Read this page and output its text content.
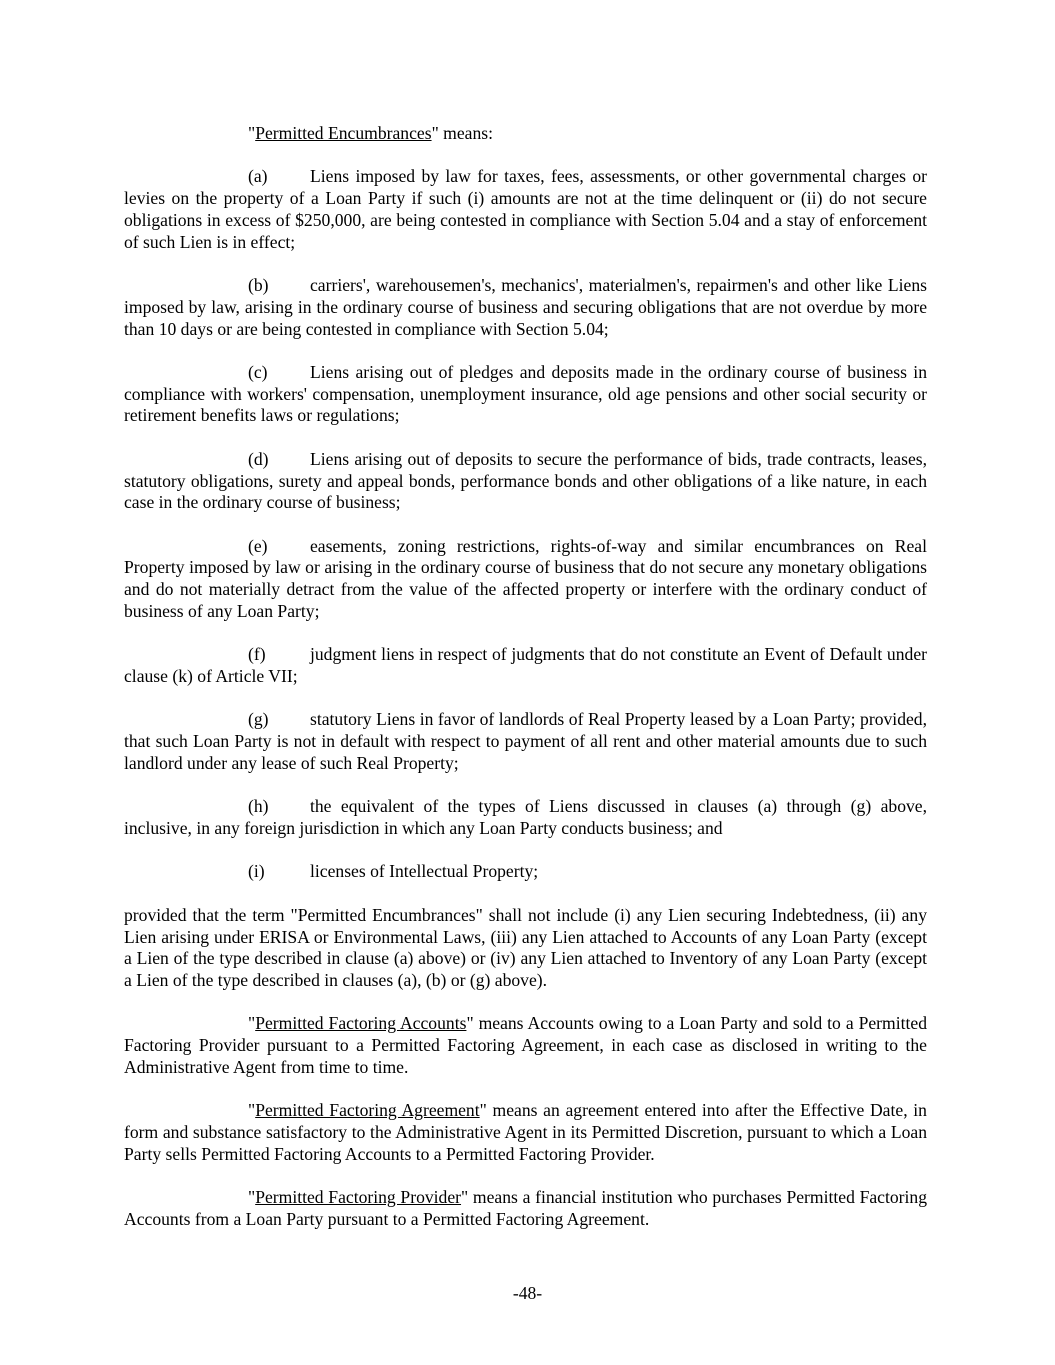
"Permitted Encumbrances" means:

(a) Liens imposed by law for taxes, fees, assessments, or other governmental charges or levies on the property of a Loan Party if such (i) amounts are not at the time delinquent or (ii) do not secure obligations in excess of $250,000, are being contested in compliance with Section 5.04 and a stay of enforcement of such Lien is in effect;

(b) carriers', warehousemen's, mechanics', materialmen's, repairmen's and other like Liens imposed by law, arising in the ordinary course of business and securing obligations that are not overdue by more than 10 days or are being contested in compliance with Section 5.04;

(c) Liens arising out of pledges and deposits made in the ordinary course of business in compliance with workers' compensation, unemployment insurance, old age pensions and other social security or retirement benefits laws or regulations;

(d) Liens arising out of deposits to secure the performance of bids, trade contracts, leases, statutory obligations, surety and appeal bonds, performance bonds and other obligations of a like nature, in each case in the ordinary course of business;

(e) easements, zoning restrictions, rights-of-way and similar encumbrances on Real Property imposed by law or arising in the ordinary course of business that do not secure any monetary obligations and do not materially detract from the value of the affected property or interfere with the ordinary conduct of business of any Loan Party;

(f)	judgment liens in respect of judgments that do not constitute an Event of Default under clause (k) of Article VII;

(g) statutory Liens in favor of landlords of Real Property leased by a Loan Party; provided, that such Loan Party is not in default with respect to payment of all rent and other material amounts due to such landlord under any lease of such Real Property;

(h) the equivalent of the types of Liens discussed in clauses (a) through (g) above, inclusive, in any foreign jurisdiction in which any Loan Party conducts business; and

(i)	licenses of Intellectual Property;

provided that the term "Permitted Encumbrances" shall not include (i) any Lien securing Indebtedness, (ii) any Lien arising under ERISA or Environmental Laws, (iii) any Lien attached to Accounts of any Loan Party (except a Lien of the type described in clause (a) above) or (iv) any Lien attached to Inventory of any Loan Party (except a Lien of the type described in clauses (a), (b) or (g) above).

"Permitted Factoring Accounts" means Accounts owing to a Loan Party and sold to a Permitted Factoring Provider pursuant to a Permitted Factoring Agreement, in each case as disclosed in writing to the Administrative Agent from time to time.

"Permitted Factoring Agreement" means an agreement entered into after the Effective Date, in form and substance satisfactory to the Administrative Agent in its Permitted Discretion, pursuant to which a Loan Party sells Permitted Factoring Accounts to a Permitted Factoring Provider.

"Permitted Factoring Provider" means a financial institution who purchases Permitted Factoring Accounts from a Loan Party pursuant to a Permitted Factoring Agreement.

-48-
